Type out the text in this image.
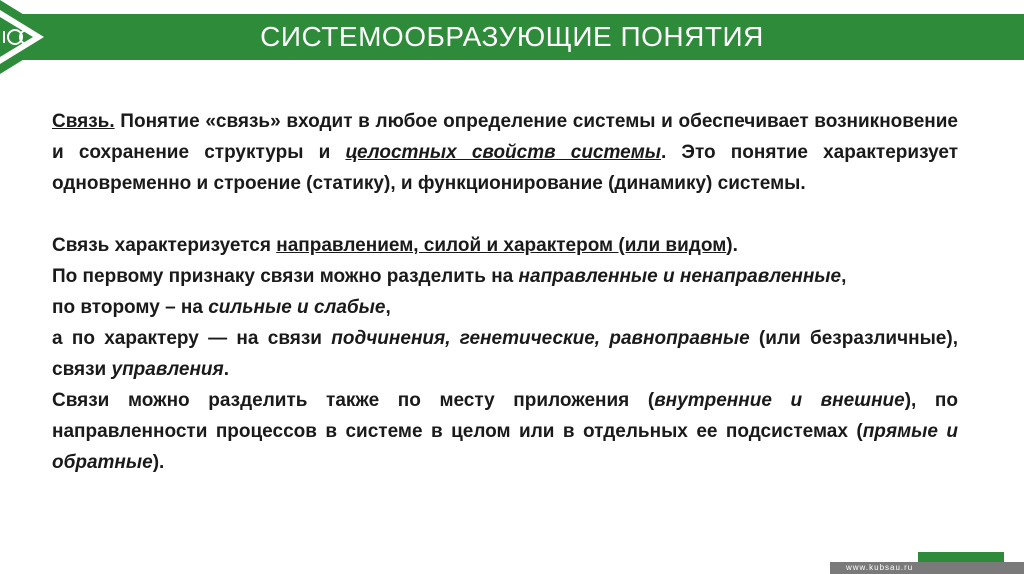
СИСТЕМООБРАЗУЮЩИЕ ПОНЯТИЯ

Связь. Понятие «связь» входит в любое определение системы и обеспечивает возникновение и сохранение структуры и целостных свойств системы. Это понятие характеризует одновременно и строение (статику), и функционирование (динамику) системы.

Связь характеризуется направлением, силой и характером (или видом).

По первому признаку связи можно разделить на направленные и ненаправленные,

по второму – на сильные и слабые,

а по характеру — на связи подчинения, генетические, равноправные (или безразличные), связи управления.

Связи можно разделить также по месту приложения (внутренние и внешние), по направленности процессов в системе в целом или в отдельных ее подсистемах (прямые и обратные).

www.kubsau.ru
